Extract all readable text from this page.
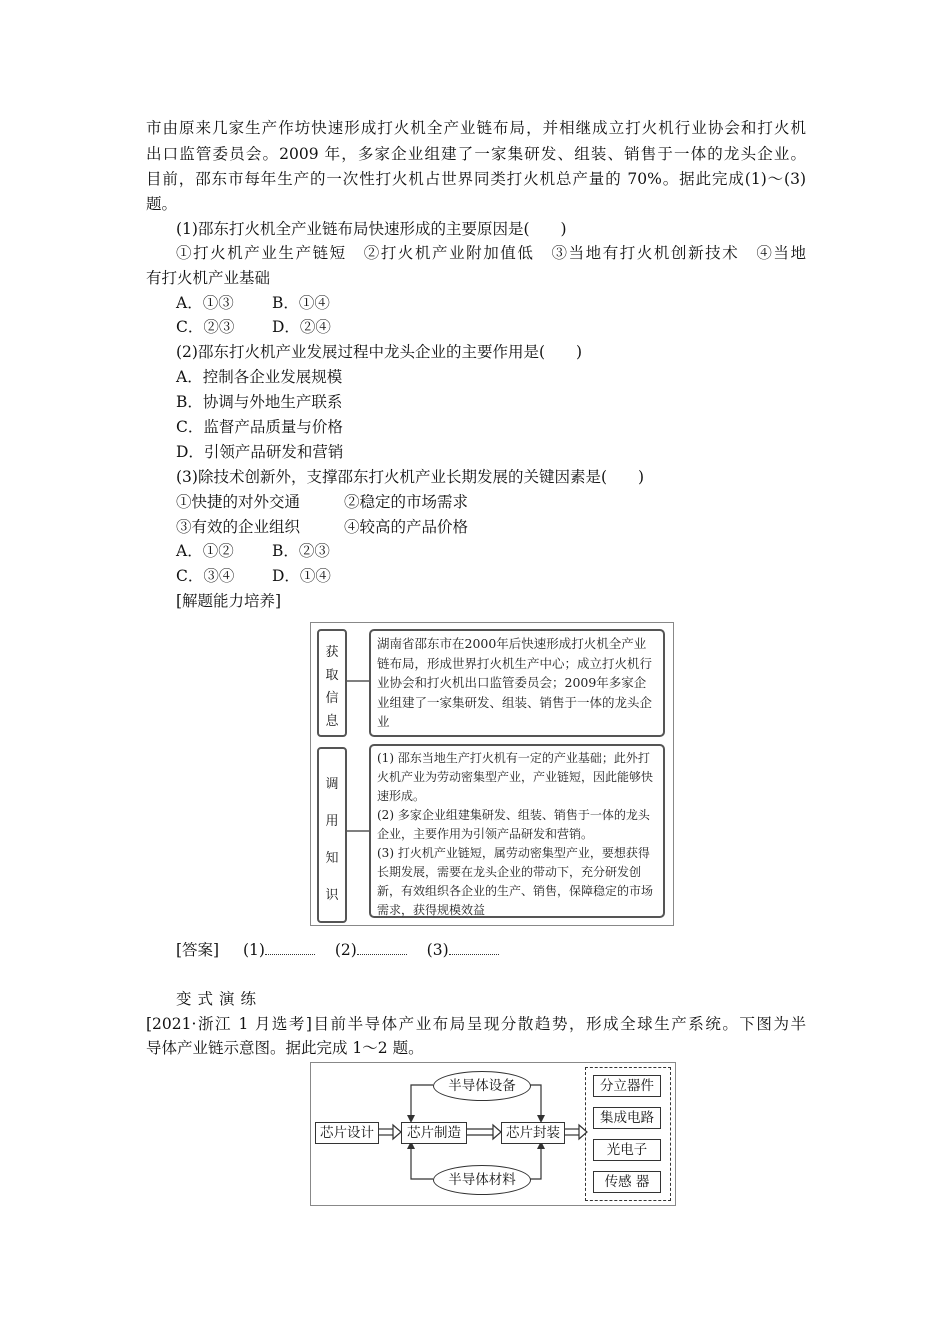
市由原来几家生产作坊快速形成打火机全产业链布局，并相继成立打火机行业协会和打火机
出口监管委员会。2009 年，多家企业组建了一家集研发、组装、销售于一体的龙头企业。
目前，邵东市每年生产的一次性打火机占世界同类打火机总产量的 70%。据此完成(1)～(3)
题。
(1)邵东打火机全产业链布局快速形成的主要原因是(　　)
①打火机产业生产链短　②打火机产业附加值低　③当地有打火机创新技术　④当地
有打火机产业基础
A．①③ B．①④
C．②③ D．②④
(2)邵东打火机产业发展过程中龙头企业的主要作用是(　　)
A．控制各企业发展规模
B．协调与外地生产联系
C．监督产品质量与价格
D．引领产品研发和营销
(3)除技术创新外，支撑邵东打火机产业长期发展的关键因素是(　　)
①快捷的对外交通	②稳定的市场需求
③有效的企业组织	④较高的产品价格
A．①② B．②③
C．③④ D．①④
[解题能力培养]
获
取
信
息

湖南省邵东市在2000年后快速形成打火机全产业链布局，形成世界打火机生产中心；成立打火机行业协会和打火机出口监管委员会；2009年多家企业组建了一家集研发、组装、销售于一体的龙头企业

调
用
知
识

(1) 邵东当地生产打火机有一定的产业基础；此外打火机产业为劳动密集型产业，产业链短，因此能够快速形成。

(2) 多家企业组建集研发、组装、销售于一体的龙头企业，主要作用为引领产品研发和营销。

(3) 打火机产业链短，属劳动密集型产业，要想获得长期发展，需要在龙头企业的带动下，充分研发创新，有效组织各企业的生产、销售，保障稳定的市场需求，获得规模效益

[答案] (1)	(2)	(3)
变式演练
[2021·浙江 1 月选考]目前半导体产业布局呈现分散趋势，形成全球生产系统。下图为半
导体产业链示意图。据此完成 1～2 题。
芯片设计	芯片制造	芯片封装
半导体设备
半导体材料
分立器件
集成电路
光电子
传感 器
